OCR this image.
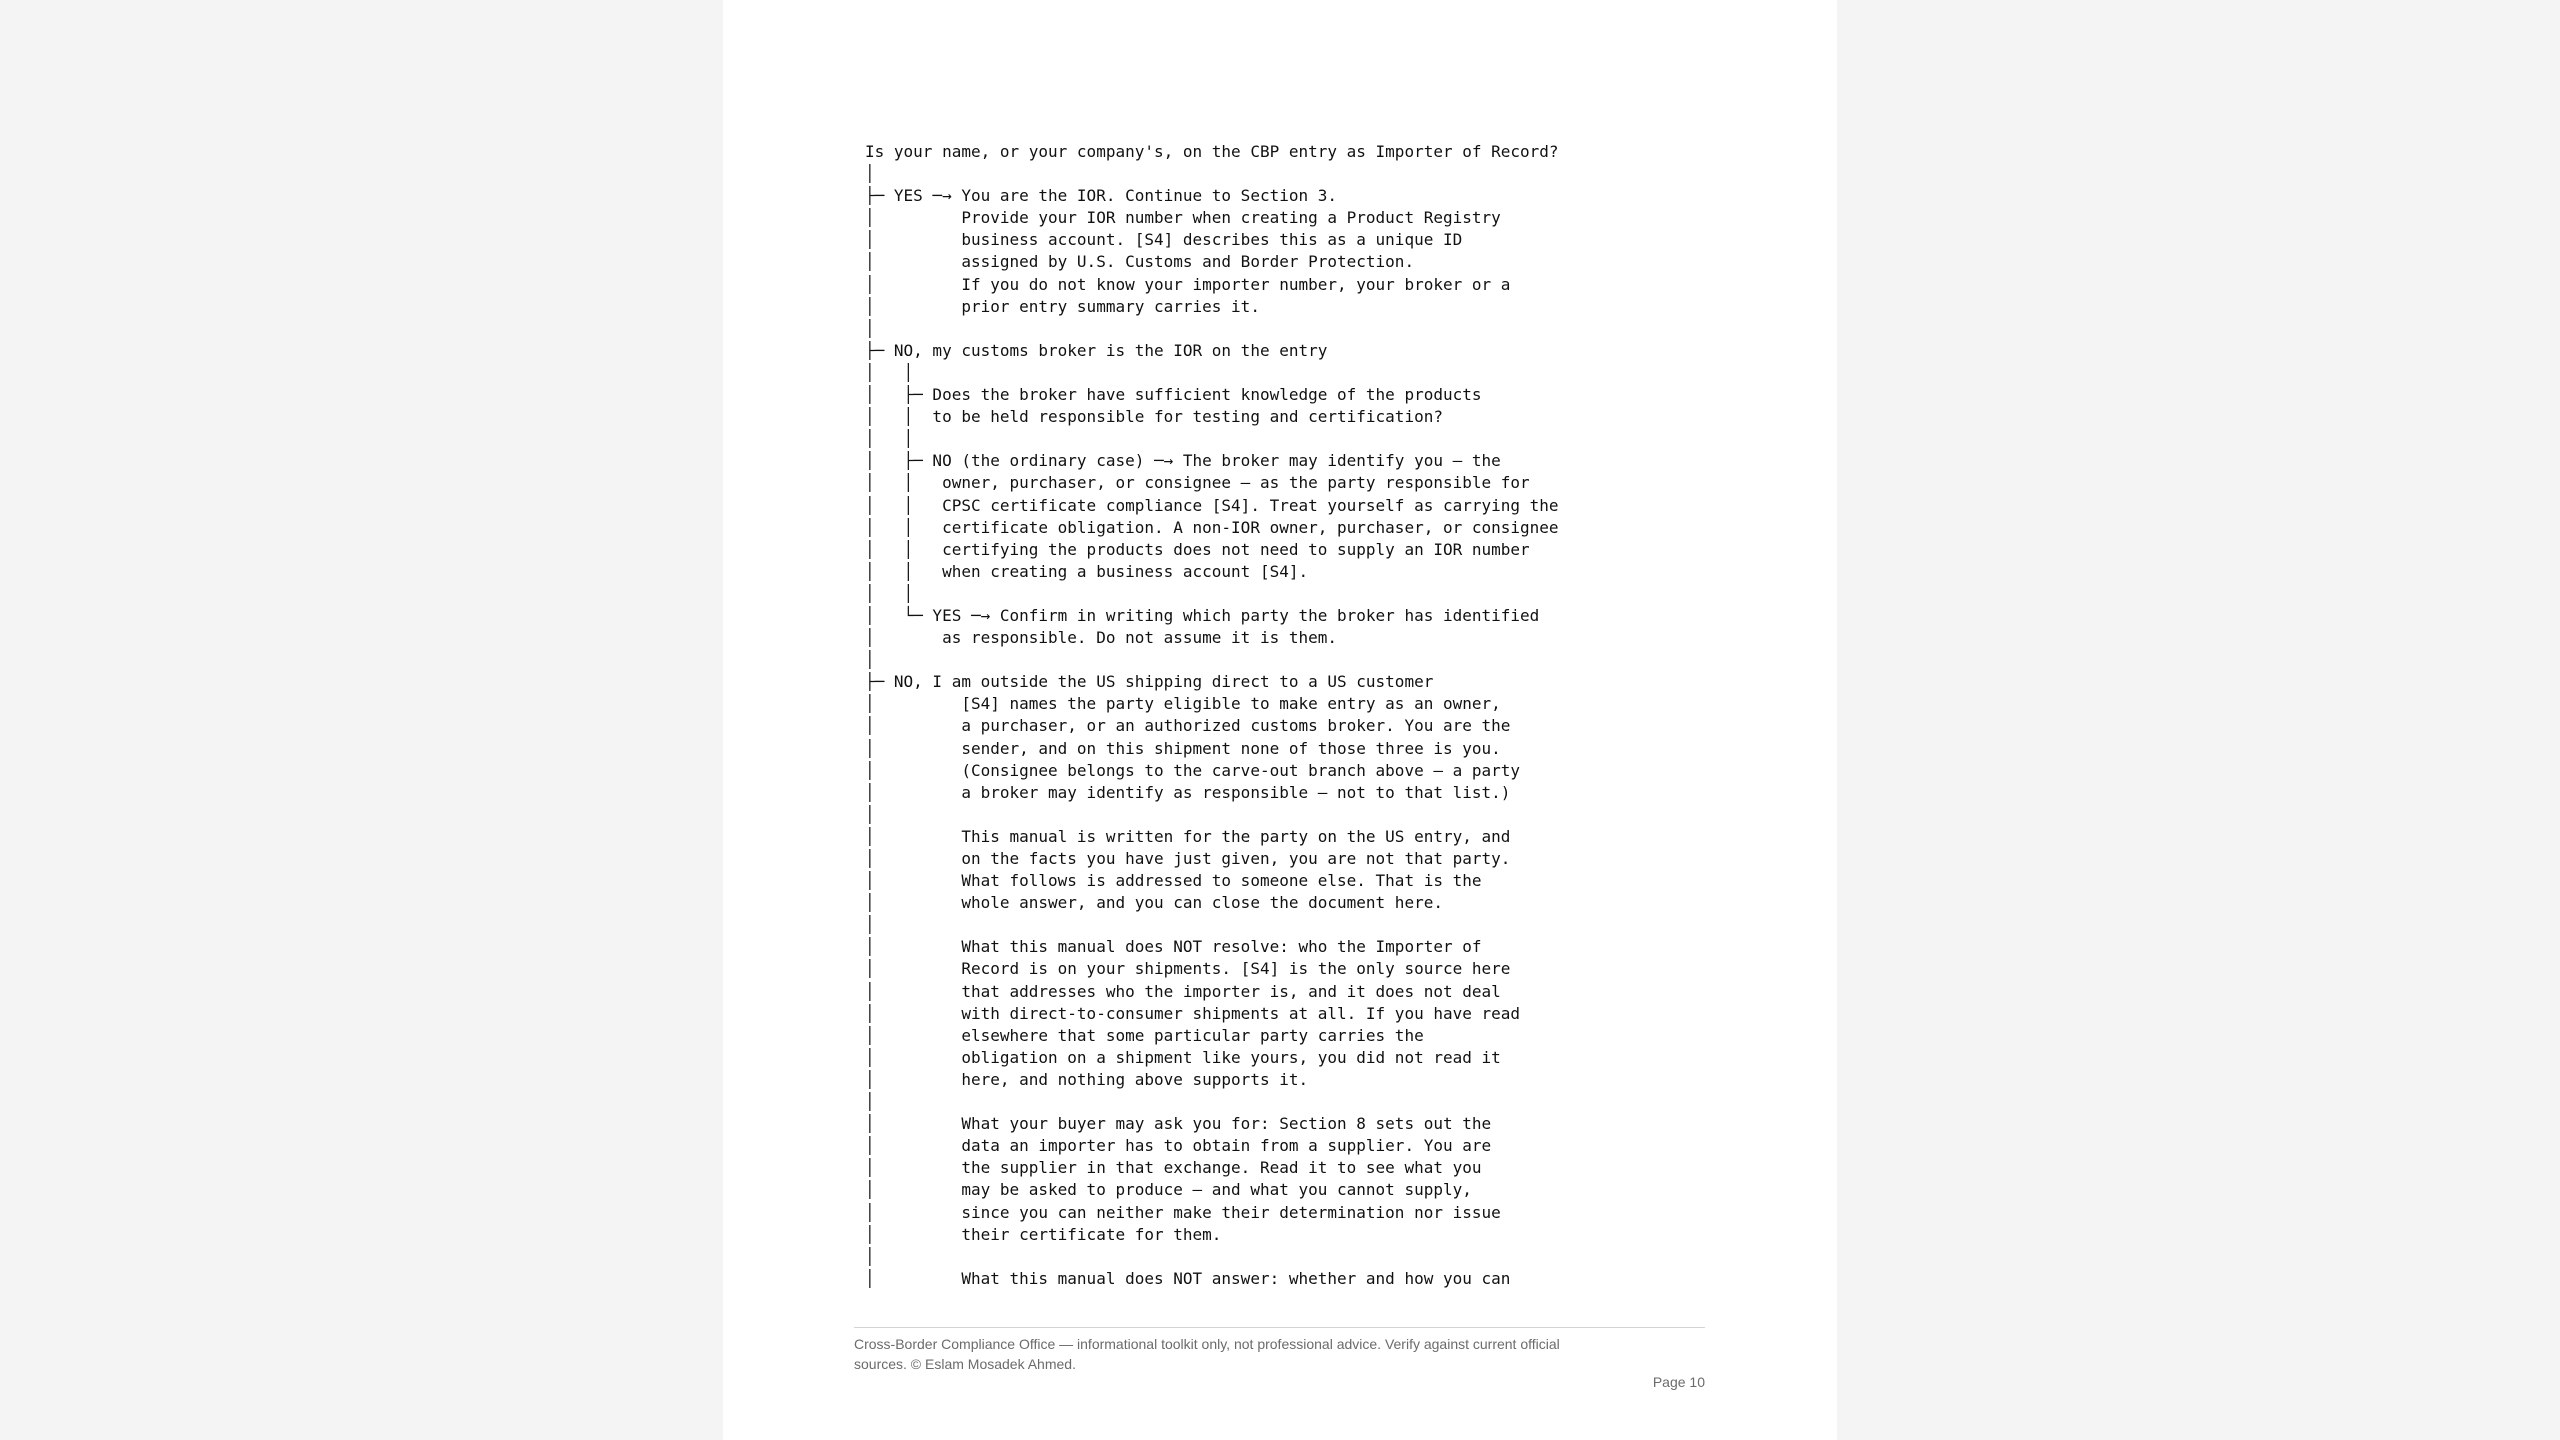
Is your name, or your company's, on the CBP entry as Importer of Record?
│
├─ YES ─→ You are the IOR. Continue to Section 3.
│         Provide your IOR number when creating a Product Registry
│         business account. [S4] describes this as a unique ID
│         assigned by U.S. Customs and Border Protection.
│         If you do not know your importer number, your broker or a
│         prior entry summary carries it.
│
├─ NO, my customs broker is the IOR on the entry
│   │
│   ├─ Does the broker have sufficient knowledge of the products
│   │  to be held responsible for testing and certification?
│   │
│   ├─ NO (the ordinary case) ─→ The broker may identify you — the
│   │   owner, purchaser, or consignee — as the party responsible for
│   │   CPSC certificate compliance [S4]. Treat yourself as carrying the
│   │   certificate obligation. A non-IOR owner, purchaser, or consignee
│   │   certifying the products does not need to supply an IOR number
│   │   when creating a business account [S4].
│   │
│   └─ YES ─→ Confirm in writing which party the broker has identified
│       as responsible. Do not assume it is them.
│
├─ NO, I am outside the US shipping direct to a US customer
│         [S4] names the party eligible to make entry as an owner,
│         a purchaser, or an authorized customs broker. You are the
│         sender, and on this shipment none of those three is you.
│         (Consignee belongs to the carve-out branch above — a party
│         a broker may identify as responsible — not to that list.)
│
│         This manual is written for the party on the US entry, and
│         on the facts you have just given, you are not that party.
│         What follows is addressed to someone else. That is the
│         whole answer, and you can close the document here.
│
│         What this manual does NOT resolve: who the Importer of
│         Record is on your shipments. [S4] is the only source here
│         that addresses who the importer is, and it does not deal
│         with direct-to-consumer shipments at all. If you have read
│         elsewhere that some particular party carries the
│         obligation on a shipment like yours, you did not read it
│         here, and nothing above supports it.
│
│         What your buyer may ask you for: Section 8 sets out the
│         data an importer has to obtain from a supplier. You are
│         the supplier in that exchange. Read it to see what you
│         may be asked to produce — and what you cannot supply,
│         since you can neither make their determination nor issue
│         their certificate for them.
│
│         What this manual does NOT answer: whether and how you can
Cross-Border Compliance Office — informational toolkit only, not professional advice. Verify against current official sources. © Eslam Mosadek Ahmed.
Page 10
